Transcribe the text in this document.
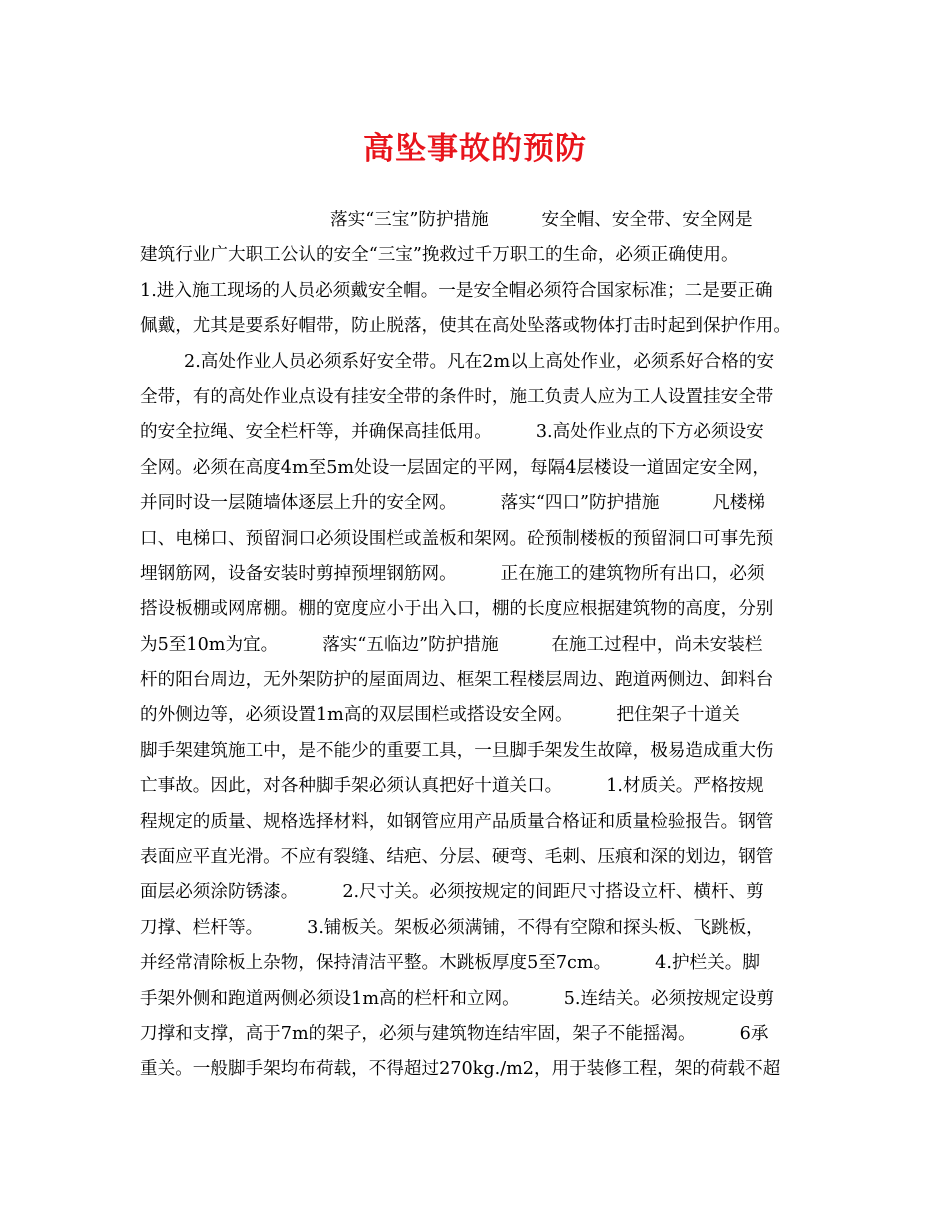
高坠事故的预防
落实“三宝”防护措施　　　安全帽、安全带、安全网是
建筑行业广大职工公认的安全“三宝”挽救过千万职工的生命，必须正确使用。
1.进入施工现场的人员必须戴安全帽。一是安全帽必须符合国家标准；二是要正确
佩戴，尤其是要系好帽带，防止脱落，使其在高处坠落或物体打击时起到保护作用。
2.高处作业人员必须系好安全带。凡在2m以上高处作业，必须系好合格的安
全带，有的高处作业点设有挂安全带的条件时，施工负责人应为工人设置挂安全带
的安全拉绳、安全栏杆等，并确保高挂低用。　　　3.高处作业点的下方必须设安
全网。必须在高度4m至5m处设一层固定的平网，每隔4层楼设一道固定安全网，
并同时设一层随墙体逐层上升的安全网。　　　落实“四口”防护措施　　　凡楼梯
口、电梯口、预留洞口必须设围栏或盖板和架网。砼预制楼板的预留洞口可事先预
埋钢筋网，设备安装时剪掉预埋钢筋网。　　　正在施工的建筑物所有出口，必须
搭设板棚或网席棚。棚的宽度应小于出入口，棚的长度应根据建筑物的高度，分别
为5至10m为宜。　　　落实“五临边”防护措施　　　在施工过程中，尚未安装栏
杆的阳台周边，无外架防护的屋面周边、框架工程楼层周边、跑道两侧边、卸料台
的外侧边等，必须设置1m高的双层围栏或搭设安全网。　　　把住架子十道关
脚手架建筑施工中，是不能少的重要工具，一旦脚手架发生故障，极易造成重大伤
亡事故。因此，对各种脚手架必须认真把好十道关口。　　　1.材质关。严格按规
程规定的质量、规格选择材料，如钢管应用产品质量合格证和质量检验报告。钢管
表面应平直光滑。不应有裂缝、结疤、分层、硬弯、毛刺、压痕和深的划边，钢管
面层必须涂防锈漆。　　　2.尺寸关。必须按规定的间距尺寸搭设立杆、横杆、剪
刀撑、栏杆等。　　　3.铺板关。架板必须满铺，不得有空隙和探头板、飞跳板，
并经常清除板上杂物，保持清洁平整。木跳板厚度5至7cm。　　　4.护栏关。脚
手架外侧和跑道两侧必须设1m高的栏杆和立网。　　　5.连结关。必须按规定设剪
刀撑和支撑，高于7m的架子，必须与建筑物连结牢固，架子不能摇渴。　　　6承
重关。一般脚手架均布荷载，不得超过270kg./m2，用于装修工程，架的荷载不超
